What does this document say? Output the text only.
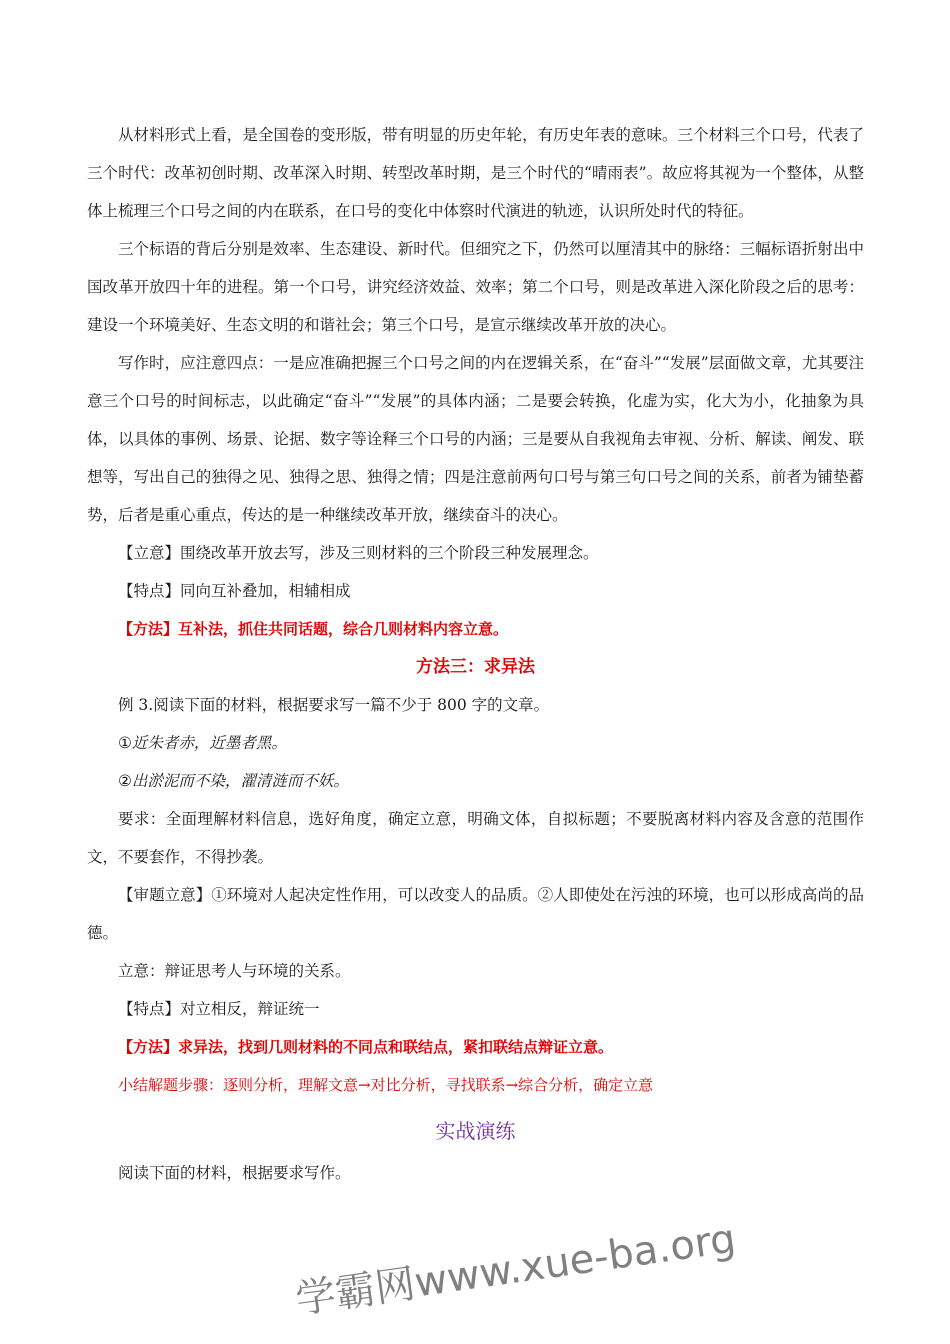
从材料形式上看，是全国卷的变形版，带有明显的历史年轮，有历史年表的意味。三个材料三个口号，代表了三个时代：改革初创时期、改革深入时期、转型改革时期，是三个时代的“晴雨表”。故应将其视为一个整体，从整体上梳理三个口号之间的内在联系，在口号的变化中体察时代演进的轨迹，认识所处时代的特征。

三个标语的背后分别是效率、生态建设、新时代。但细究之下，仍然可以厘清其中的脉络：三幅标语折射出中国改革开放四十年的进程。第一个口号，讲究经济效益、效率；第二个口号，则是改革进入深化阶段之后的思考：建设一个环境美好、生态文明的和谐社会；第三个口号，是宣示继续改革开放的决心。

写作时，应注意四点：一是应准确把握三个口号之间的内在逻辑关系，在“奋斗”“发展”层面做文章，尤其要注意三个口号的时间标志，以此确定“奋斗”“发展”的具体内涵；二是要会转换，化虚为实，化大为小，化抽象为具体，以具体的事例、场景、论据、数字等诠释三个口号的内涵；三是要从自我视角去审视、分析、解读、阐发、联想等，写出自己的独得之见、独得之思、独得之情；四是注意前两句口号与第三句口号之间的关系，前者为铺垫蓄势，后者是重心重点，传达的是一种继续改革开放，继续奋斗的决心。

【立意】围绕改革开放去写，涉及三则材料的三个阶段三种发展理念。

【特点】同向互补叠加，相辅相成

【方法】互补法，抓住共同话题，综合几则材料内容立意。

方法三：求异法

例 3.阅读下面的材料，根据要求写一篇不少于 800 字的文章。

①近朱者赤，近墨者黑。

②出淤泥而不染，濯清涟而不妖。

要求：全面理解材料信息，选好角度，确定立意，明确文体，自拟标题；不要脱离材料内容及含意的范围作文，不要套作，不得抄袭。

【审题立意】①环境对人起决定性作用，可以改变人的品质。②人即使处在污浊的环境，也可以形成高尚的品德。

立意：辩证思考人与环境的关系。

【特点】对立相反，辩证统一

【方法】求异法，找到几则材料的不同点和联结点，紧扣联结点辩证立意。

小结解题步骤：逐则分析，理解文意→对比分析，寻找联系→综合分析，确定立意

实战演练

阅读下面的材料，根据要求写作。

学霸网www.xue-ba.org
